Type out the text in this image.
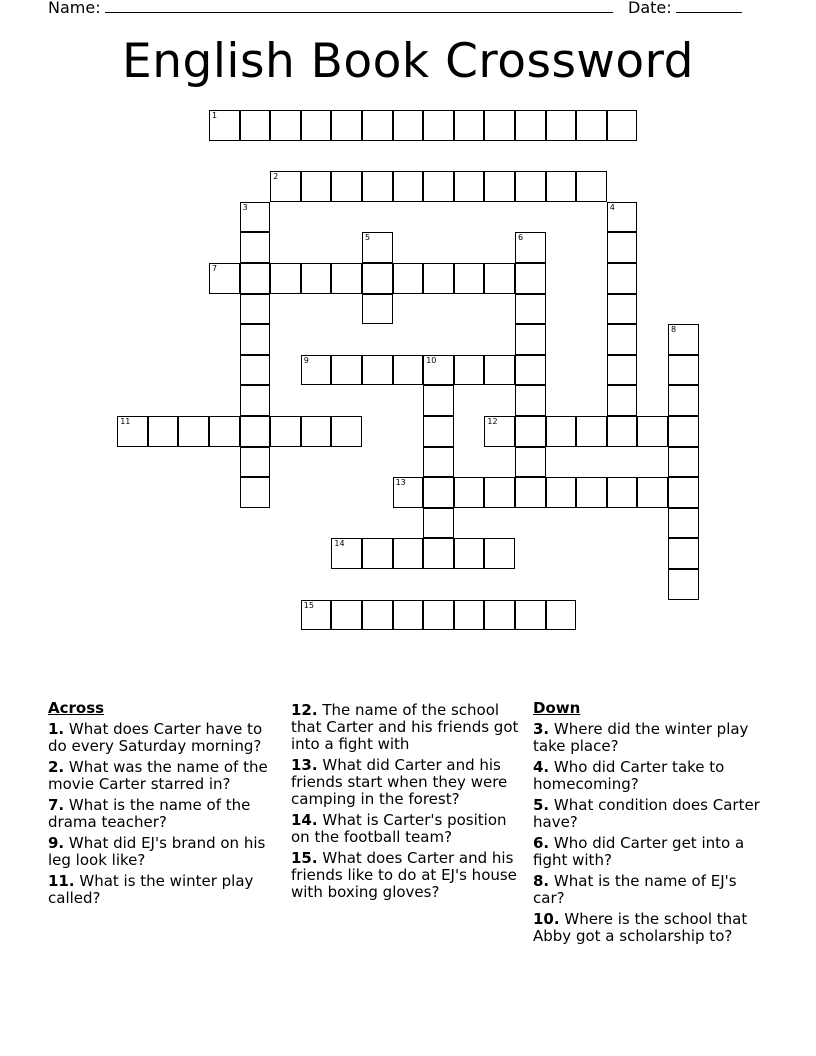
Name:	Date:
English Book Crossword
1
2
3	4
5	6
7
8
9	10
11	12
13
14
15
Across
1. What does Carter have to do every Saturday morning?
2. What was the name of the movie Carter starred in?
7. What is the name of the drama teacher?
9. What did EJ's brand on his leg look like?
11. What is the winter play called?
12. The name of the school that Carter and his friends got into a fight with
13. What did Carter and his friends start when they were camping in the forest?
14. What is Carter's position on the football team?
15. What does Carter and his friends like to do at EJ's house with boxing gloves?
Down
3. Where did the winter play take place?
4. Who did Carter take to homecoming?
5. What condition does Carter have?
6. Who did Carter get into a fight with?
8. What is the name of EJ's car?
10. Where is the school that Abby got a scholarship to?
